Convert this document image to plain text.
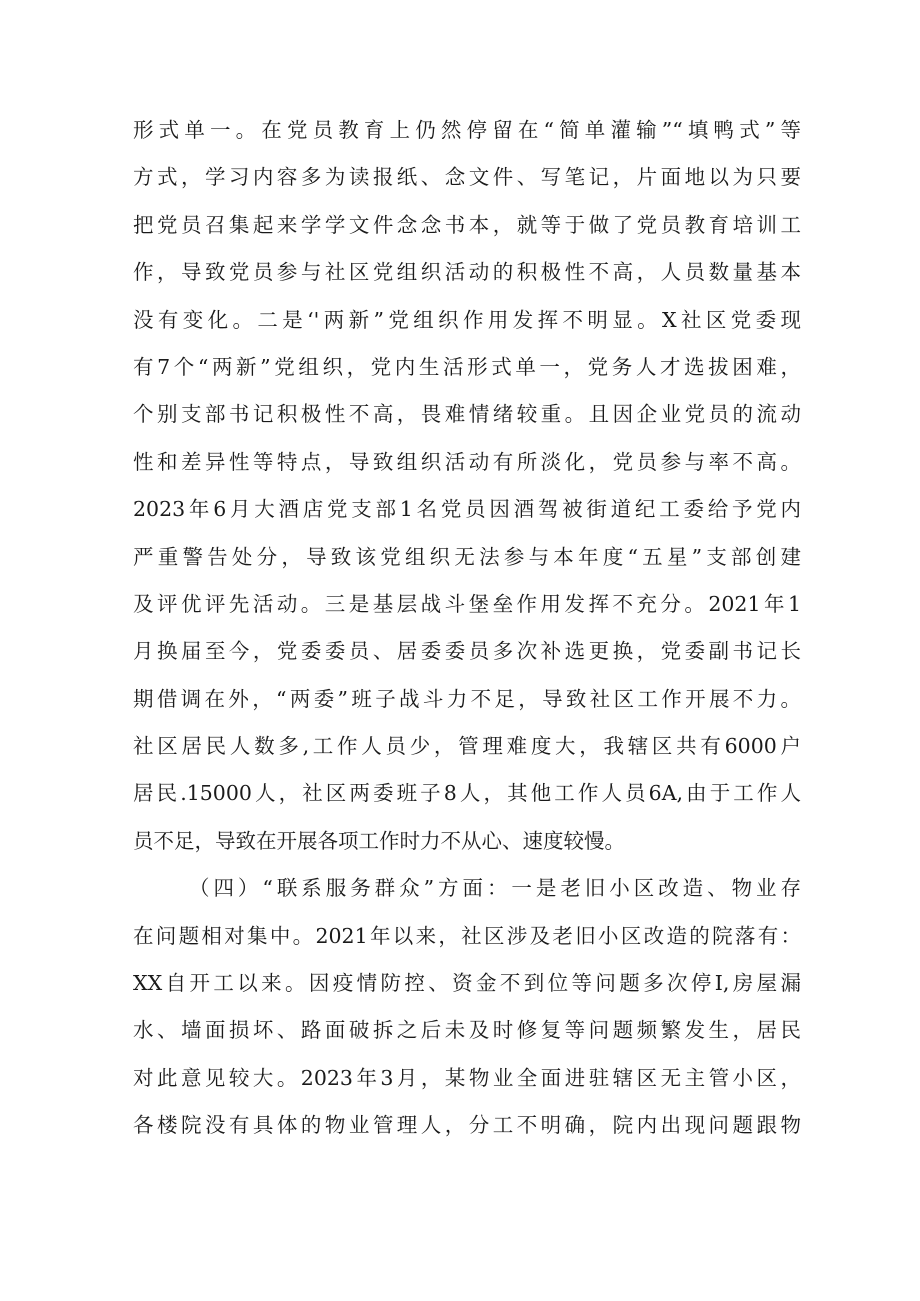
形式单一。在党员教育上仍然停留在“简单灌输”“填鸭式”等
方式，学习内容多为读报纸、念文件、写笔记，片面地以为只要
把党员召集起来学学文件念念书本，就等于做了党员教育培训工
作，导致党员参与社区党组织活动的积极性不高，人员数量基本
没有变化。二是‘'两新”党组织作用发挥不明显。X社区党委现
有7个“两新”党组织，党内生活形式单一，党务人才选拔困难，
个别支部书记积极性不高，畏难情绪较重。且因企业党员的流动
性和差异性等特点，导致组织活动有所淡化，党员参与率不高。
2023年6月大酒店党支部1名党员因酒驾被街道纪工委给予党内
严重警告处分，导致该党组织无法参与本年度“五星”支部创建
及评优评先活动。三是基层战斗堡垒作用发挥不充分。2021年1
月换届至今，党委委员、居委委员多次补选更换，党委副书记长
期借调在外，“两委”班子战斗力不足，导致社区工作开展不力。
社区居民人数多,工作人员少，管理难度大，我辖区共有6000户
居民.15000人，社区两委班子8人，其他工作人员6A,由于工作人
员不足，导致在开展各项工作时力不从心、速度较慢。
（四）“联系服务群众”方面：一是老旧小区改造、物业存
在问题相对集中。2021年以来，社区涉及老旧小区改造的院落有：
XX自开工以来。因疫情防控、资金不到位等问题多次停I,房屋漏
水、墙面损坏、路面破拆之后未及时修复等问题频繁发生，居民
对此意见较大。2023年3月，某物业全面进驻辖区无主管小区，
各楼院没有具体的物业管理人，分工不明确，院内出现问题跟物
